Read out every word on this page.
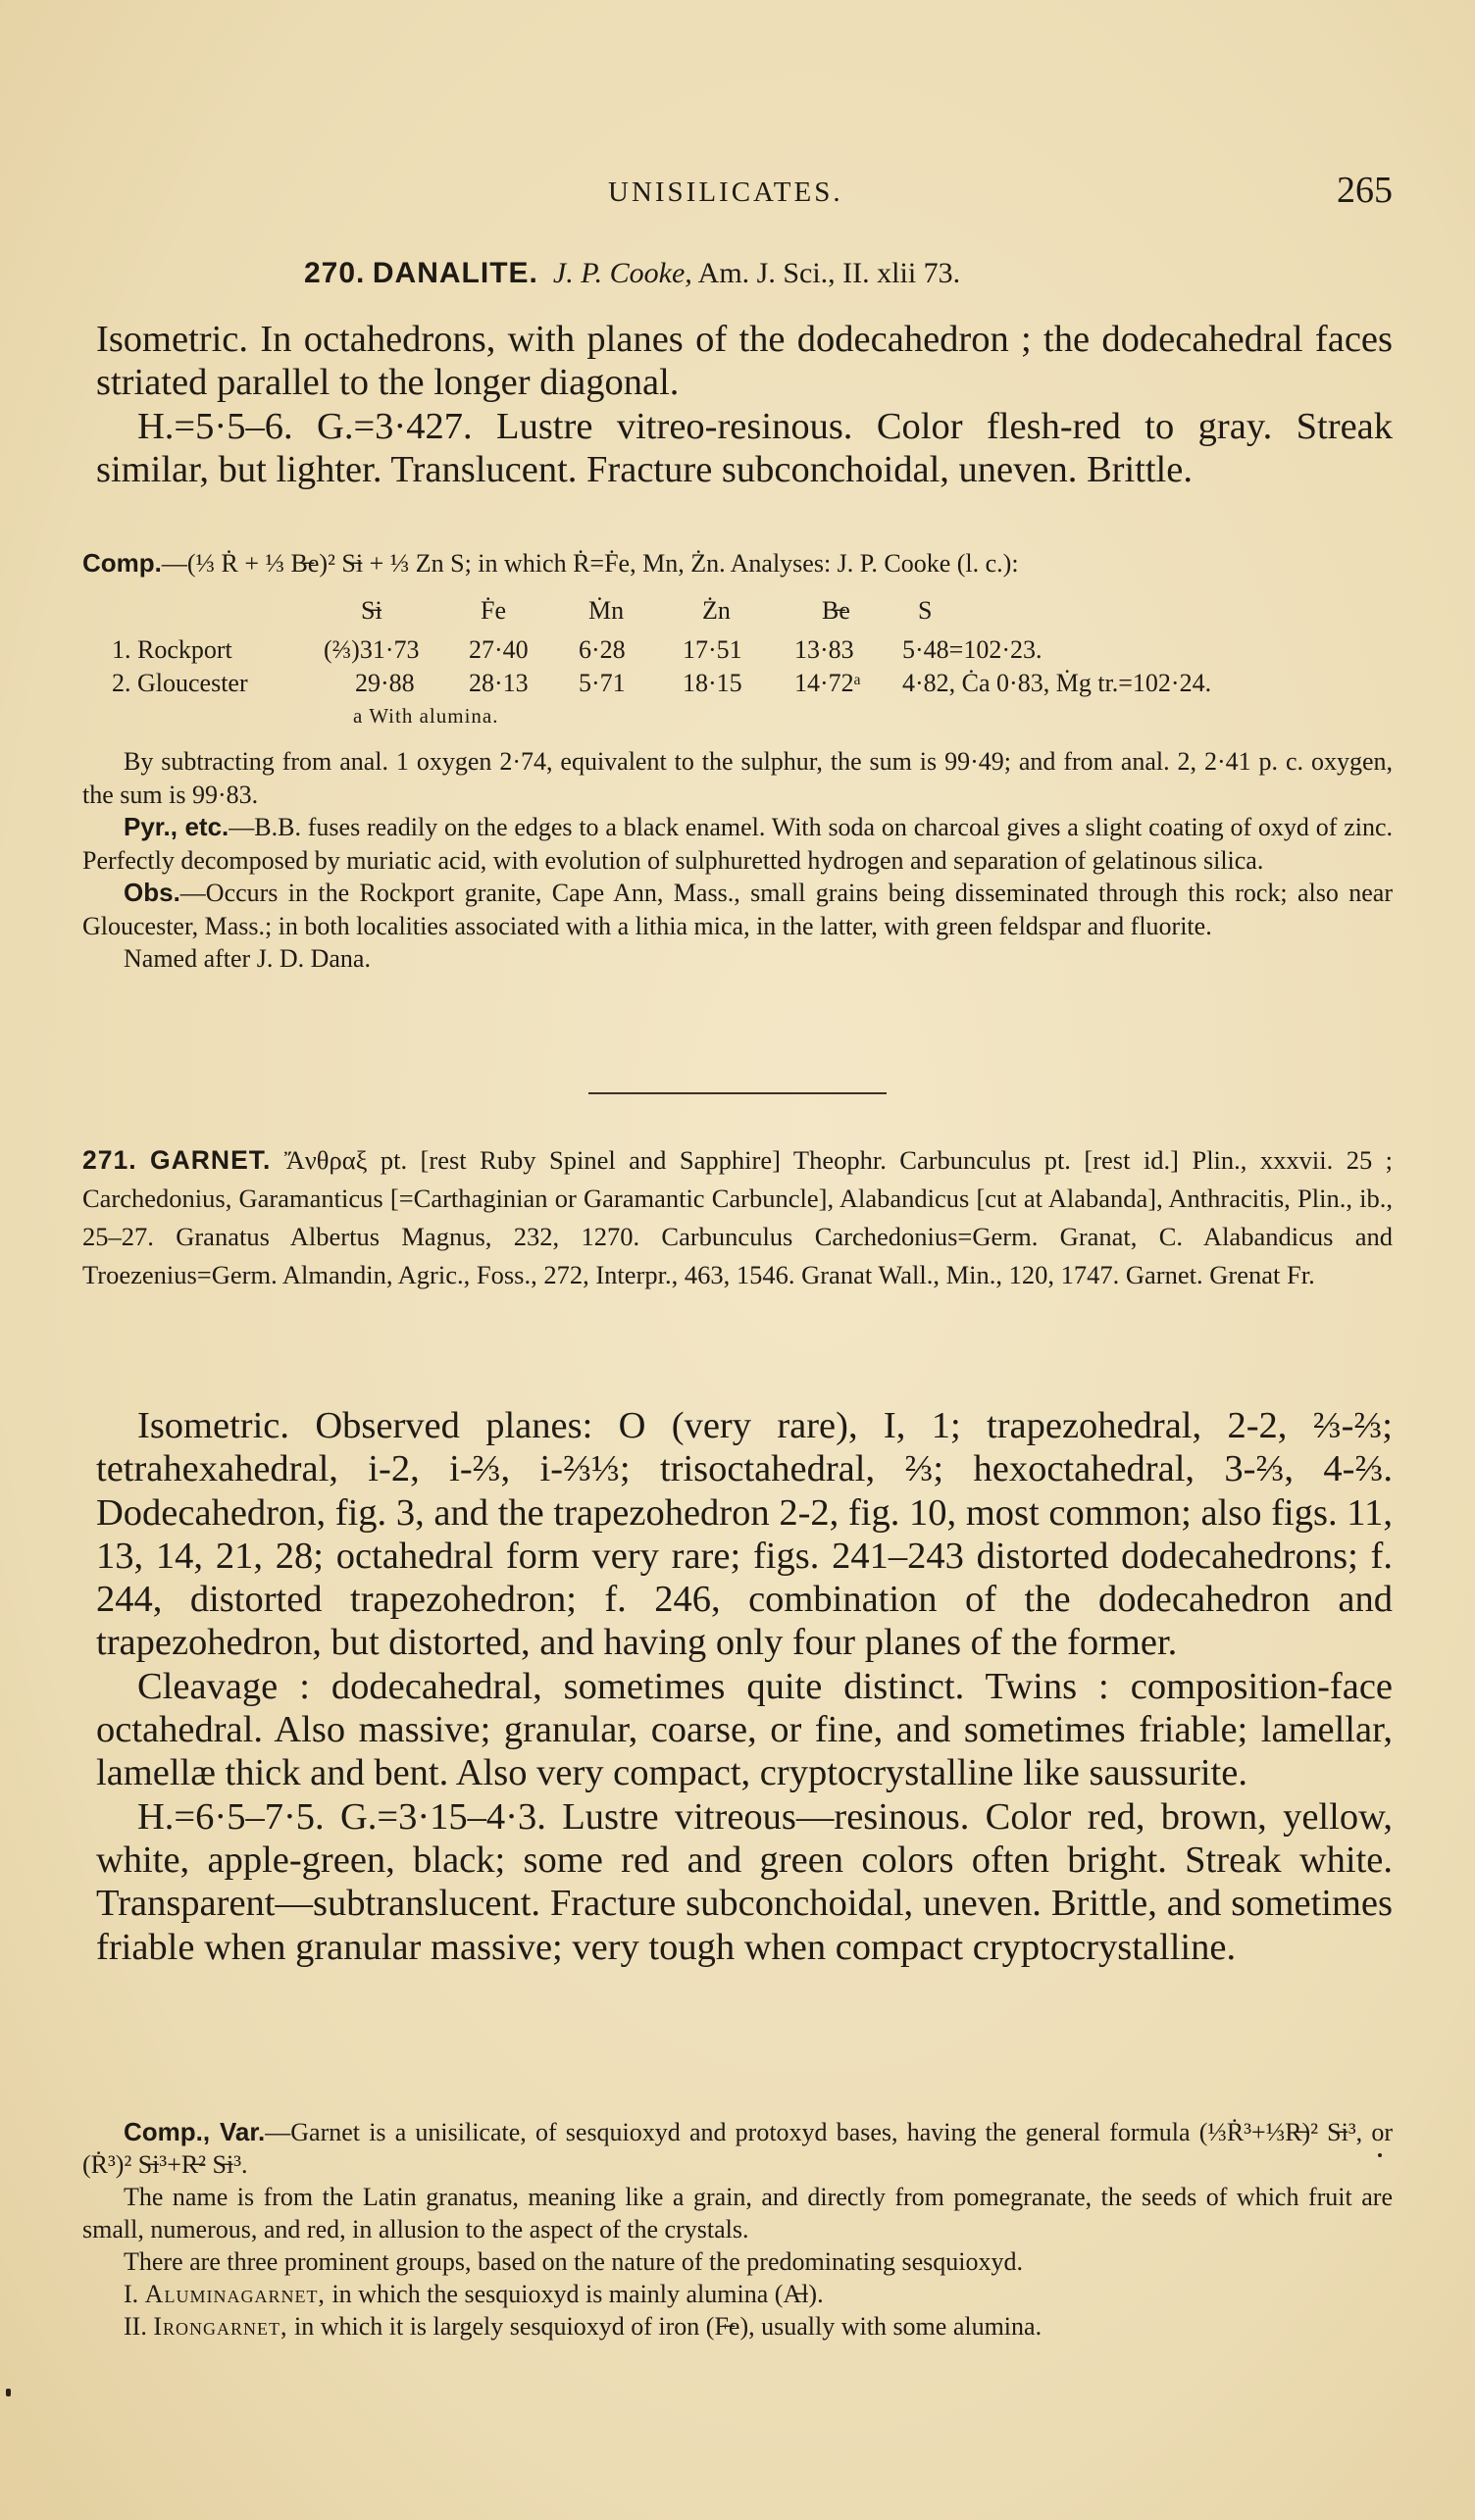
UNISILICATES.	265
270. DANALITE. J. P. Cooke, Am. J. Sci., II. xlii 73.

Isometric. In octahedrons, with planes of the dodecahedron ; the dodecahedral faces striated parallel to the longer diagonal.

H.=5·5–6. G.=3·427. Lustre vitreo-resinous. Color flesh-red to gray. Streak similar, but lighter. Translucent. Fracture subconchoidal, uneven. Brittle.

Comp.—(⅓ Ṙ + ⅓ B̶e)² S̶i + ⅓ Zn S; in which Ṙ=Ḟe, Mn, Żn. Analyses: J. P. Cooke (l. c.):

S̶i	Ḟe	Ṁn	Żn	B̶e	S
1. Rockport	(⅔)31·73 27·40 6·28 17·51 13·83 5·48=102·23.
2. Gloucester	29·88 28·13 5·71 18·15 14·72ᵃ 4·82, Ċa 0·83, Ṁg tr.=102·24.
a With alumina.

By subtracting from anal. 1 oxygen 2·74, equivalent to the sulphur, the sum is 99·49; and from anal. 2, 2·41 p. c. oxygen, the sum is 99·83.

Pyr., etc.—B.B. fuses readily on the edges to a black enamel. With soda on charcoal gives a slight coating of oxyd of zinc. Perfectly decomposed by muriatic acid, with evolution of sulphuretted hydrogen and separation of gelatinous silica.

Obs.—Occurs in the Rockport granite, Cape Ann, Mass., small grains being disseminated through this rock; also near Gloucester, Mass.; in both localities associated with a lithia mica, in the latter, with green feldspar and fluorite.

Named after J. D. Dana.

271. GARNET. Ἄνθραξ pt. [rest Ruby Spinel and Sapphire] Theophr. Carbunculus pt. [rest id.] Plin., xxxvii. 25 ; Carchedonius, Garamanticus [=Carthaginian or Garamantic Carbuncle], Alabandicus [cut at Alabanda], Anthracitis, Plin., ib., 25–27. Granatus Albertus Magnus, 232, 1270. Carbunculus Carchedonius=Germ. Granat, C. Alabandicus and Troezenius=Germ. Almandin, Agric., Foss., 272, Interpr., 463, 1546. Granat Wall., Min., 120, 1747. Garnet. Grenat Fr.

Isometric. Observed planes: O (very rare), I, 1; trapezohedral, 2-2, ⅔-⅔; tetrahexahedral, i-2, i-⅔, i-⅔⅓; trisoctahedral, ⅔; hexoctahedral, 3-⅔, 4-⅔. Dodecahedron, fig. 3, and the trapezohedron 2-2, fig. 10, most common; also figs. 11, 13, 14, 21, 28; octahedral form very rare; figs. 241–243 distorted dodecahedrons; f. 244, distorted trapezohedron; f. 246, combination of the dodecahedron and trapezohedron, but distorted, and having only four planes of the former.

Cleavage : dodecahedral, sometimes quite distinct. Twins : composition-face octahedral. Also massive; granular, coarse, or fine, and sometimes friable; lamellar, lamellæ thick and bent. Also very compact, cryptocrystalline like saussurite.

H.=6·5–7·5. G.=3·15–4·3. Lustre vitreous—resinous. Color red, brown, yellow, white, apple-green, black; some red and green colors often bright. Streak white. Transparent—subtranslucent. Fracture subconchoidal, uneven. Brittle, and sometimes friable when granular massive; very tough when compact cryptocrystalline.

Comp., Var.—Garnet is a unisilicate, of sesquioxyd and protoxyd bases, having the general formula (⅓Ṙ³+⅓R̶)² S̶i³, or (Ṙ³)² S̶i³+R̶² S̶i³.

The name is from the Latin granatus, meaning like a grain, and directly from pomegranate, the seeds of which fruit are small, numerous, and red, in allusion to the aspect of the crystals.

There are three prominent groups, based on the nature of the predominating sesquioxyd.

I. Aluminagarnet, in which the sesquioxyd is mainly alumina (A̶l).

II. Irongarnet, in which it is largely sesquioxyd of iron (F̶e), usually with some alumina.
